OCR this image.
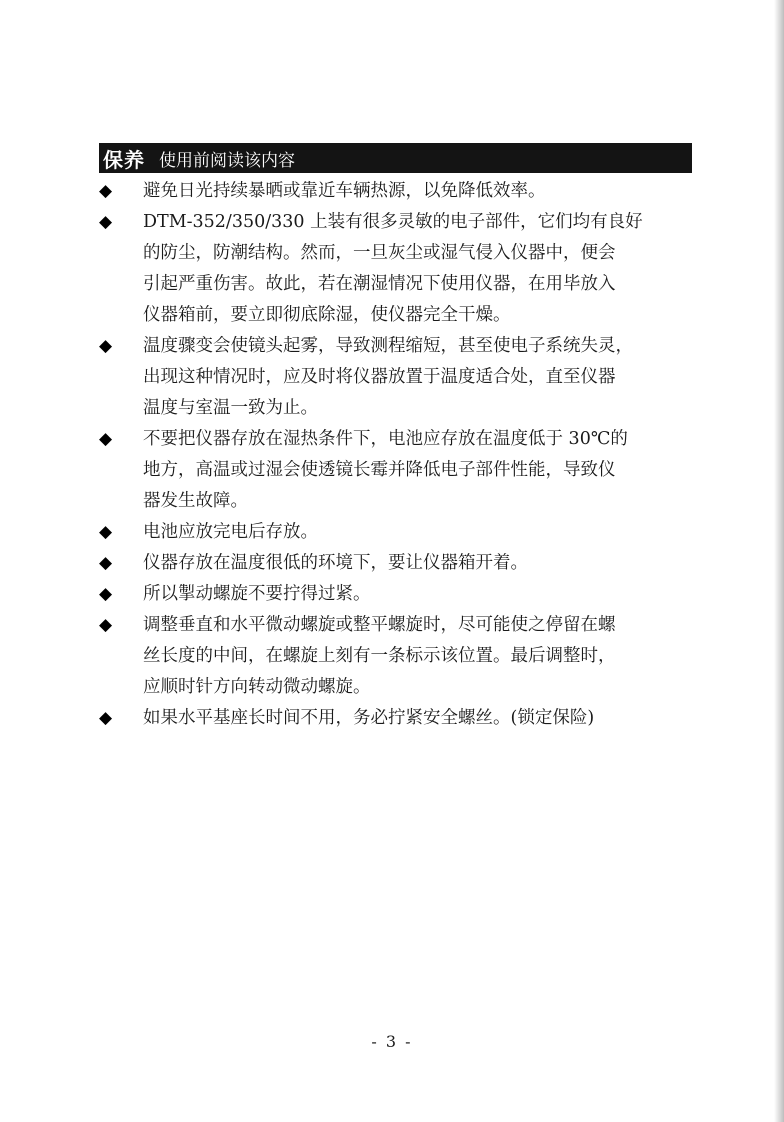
保养 使用前阅读该内容
◆	避免日光持续暴晒或靠近车辆热源，以免降低效率。
◆	DTM-352/350/330 上装有很多灵敏的电子部件，它们均有良好
的防尘，防潮结构。然而，一旦灰尘或湿气侵入仪器中，便会
引起严重伤害。故此，若在潮湿情况下使用仪器，在用毕放入
仪器箱前，要立即彻底除湿，使仪器完全干燥。
◆	温度骤变会使镜头起雾，导致测程缩短，甚至使电子系统失灵，
出现这种情况时，应及时将仪器放置于温度适合处，直至仪器
温度与室温一致为止。
◆	不要把仪器存放在湿热条件下，电池应存放在温度低于 30℃的
地方，高温或过湿会使透镜长霉并降低电子部件性能，导致仪
器发生故障。
◆	电池应放完电后存放。
◆	仪器存放在温度很低的环境下，要让仪器箱开着。
◆	所以掣动螺旋不要拧得过紧。
◆	调整垂直和水平微动螺旋或整平螺旋时，尽可能使之停留在螺
丝长度的中间，在螺旋上刻有一条标示该位置。最后调整时，
应顺时针方向转动微动螺旋。
◆	如果水平基座长时间不用，务必拧紧安全螺丝。(锁定保险)
- 3 -
